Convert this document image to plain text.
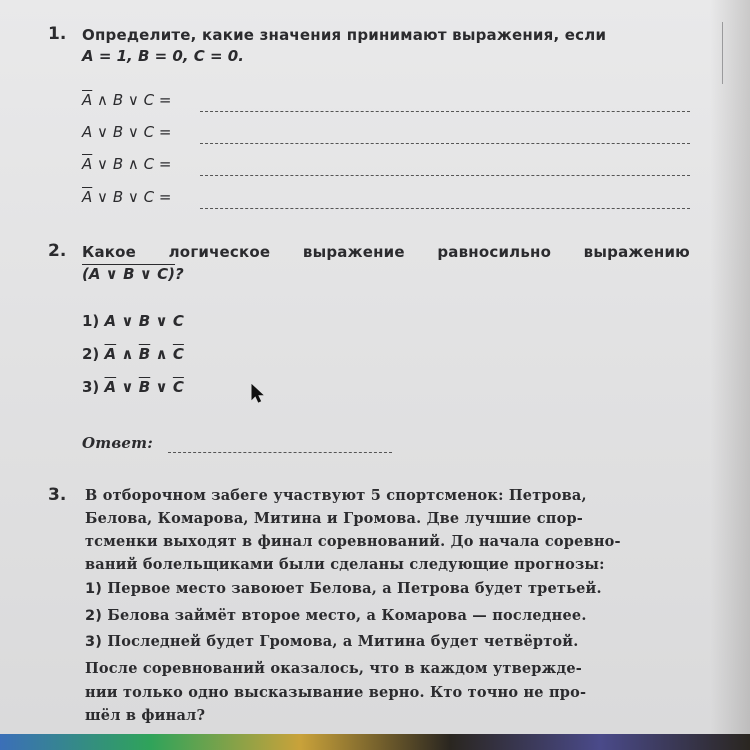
1. Определите, какие значения принимают выражения, если
A = 1, B = 0, C = 0.
$\overline{A}$ ∧ B ∨ C =
A ∨ B ∨ C =
$\overline{A}$ ∨ B ∧ C =
$\overline{A}$ ∨ B ∨ C =
2. Какое логическое выражение равносильно выражению
(A ∨ B ∨ C)?
1) A ∨ B ∨ C
2) $\overline{A}$ ∧ $\overline{B}$ ∧ $\overline{C}$
3) $\overline{A}$ ∨ $\overline{B}$ ∨ $\overline{C}$
Ответ:
3. В отборочном забеге участвуют 5 спортсменок: Петрова,
Белова, Комарова, Митина и Громова. Две лучшие спор-
тсменки выходят в финал соревнований. До начала соревно-
ваний болельщиками были сделаны следующие прогнозы:
1) Первое место завоюет Белова, а Петрова будет третьей.
2) Белова займёт второе место, а Комарова — последнее.
3) Последней будет Громова, а Митина будет четвёртой.
После соревнований оказалось, что в каждом утвержде-
нии только одно высказывание верно. Кто точно не про-
шёл в финал?
